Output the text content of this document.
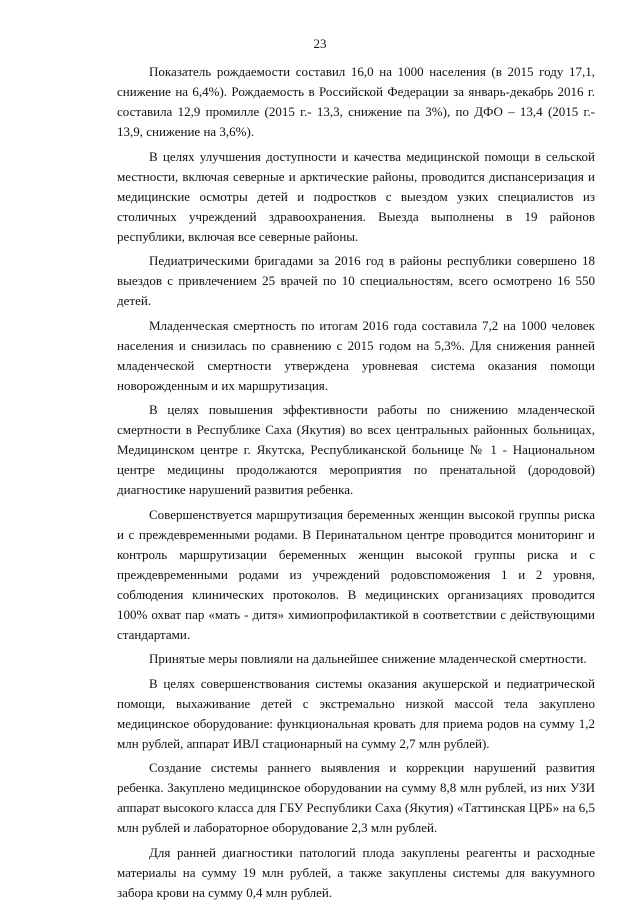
23

Показатель рождаемости составил 16,0 на 1000 населения (в 2015 году 17,1, снижение на 6,4%). Рождаемость в Российской Федерации за январь-декабрь 2016 г. составила 12,9 промилле (2015 г.- 13,3, снижение па 3%), по ДФО – 13,4 (2015 г.- 13,9, снижение на 3,6%).

В целях улучшения доступности и качества медицинской помощи в сельской местности, включая северные и арктические районы, проводится диспансеризация и медицинские осмотры детей и подростков с выездом узких специалистов из столичных учреждений здравоохранения. Выезда выполнены в 19 районов республики, включая все северные районы.

Педиатрическими бригадами за 2016 год в районы республики совершено 18 выездов с привлечением 25 врачей по 10 специальностям, всего осмотрено 16 550 детей.

Младенческая смертность по итогам 2016 года составила 7,2 на 1000 человек населения и снизилась по сравнению с 2015 годом на 5,3%. Для снижения ранней младенческой смертности утверждена уровневая система оказания помощи новорожденным и их маршрутизация.

В целях повышения эффективности работы по снижению младенческой смертности в Республике Саха (Якутия) во всех центральных районных больницах, Медицинском центре г. Якутска, Республиканской больнице № 1 - Национальном центре медицины продолжаются мероприятия по пренатальной (дородовой) диагностике нарушений развития ребенка.

Совершенствуется маршрутизация беременных женщин высокой группы риска и с преждевременными родами. В Перинатальном центре проводится мониторинг и контроль маршрутизации беременных женщин высокой группы риска и с преждевременными родами из учреждений родовспоможения 1 и 2 уровня, соблюдения клинических протоколов. В медицинских организациях проводится 100% охват пар «мать - дитя» химиопрофилактикой в соответствии с действующими стандартами.

Принятые меры повлияли на дальнейшее снижение младенческой смертности.

В целях совершенствования системы оказания акушерской и педиатрической помощи, выхаживание детей с экстремально низкой массой тела закуплено медицинское оборудование: функциональная кровать для приема родов на сумму 1,2 млн рублей, аппарат ИВЛ стационарный на сумму 2,7 млн рублей).

Создание системы раннего выявления и коррекции нарушений развития ребенка. Закуплено медицинское оборудовании на сумму 8,8 млн рублей, из них УЗИ аппарат высокого класса для ГБУ Республики Саха (Якутия) «Таттинская ЦРБ» на 6,5 млн рублей и лабораторное оборудование 2,3 млн рублей.

Для ранней диагностики патологий плода закуплены реагенты и расходные материалы на сумму 19 млн рублей, а также закуплены системы для вакуумного забора крови на сумму 0,4 млн рублей.
